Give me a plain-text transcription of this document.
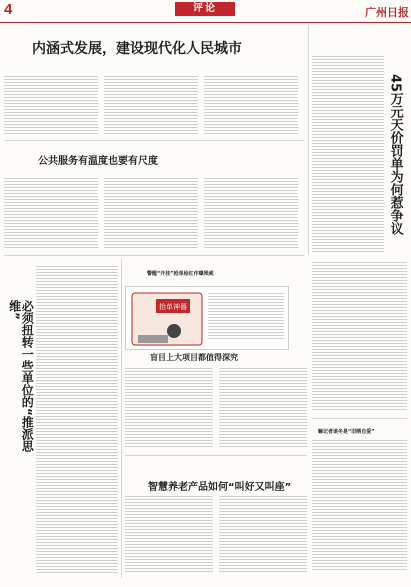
4	评论	广州日报
内涵式发展，建设现代化人民城市
45万元天价罚单为何惹争议
公共服务有温度也要有尺度
必须扭转一些单位的“推派思维”
警醒“开挂”抢单检杠作曝殒威
抢单神器
盲目上大项目都值得深究
嘛记者谈冬是“旧晒自爱”
智慧养老产品如何“叫好又叫座”
